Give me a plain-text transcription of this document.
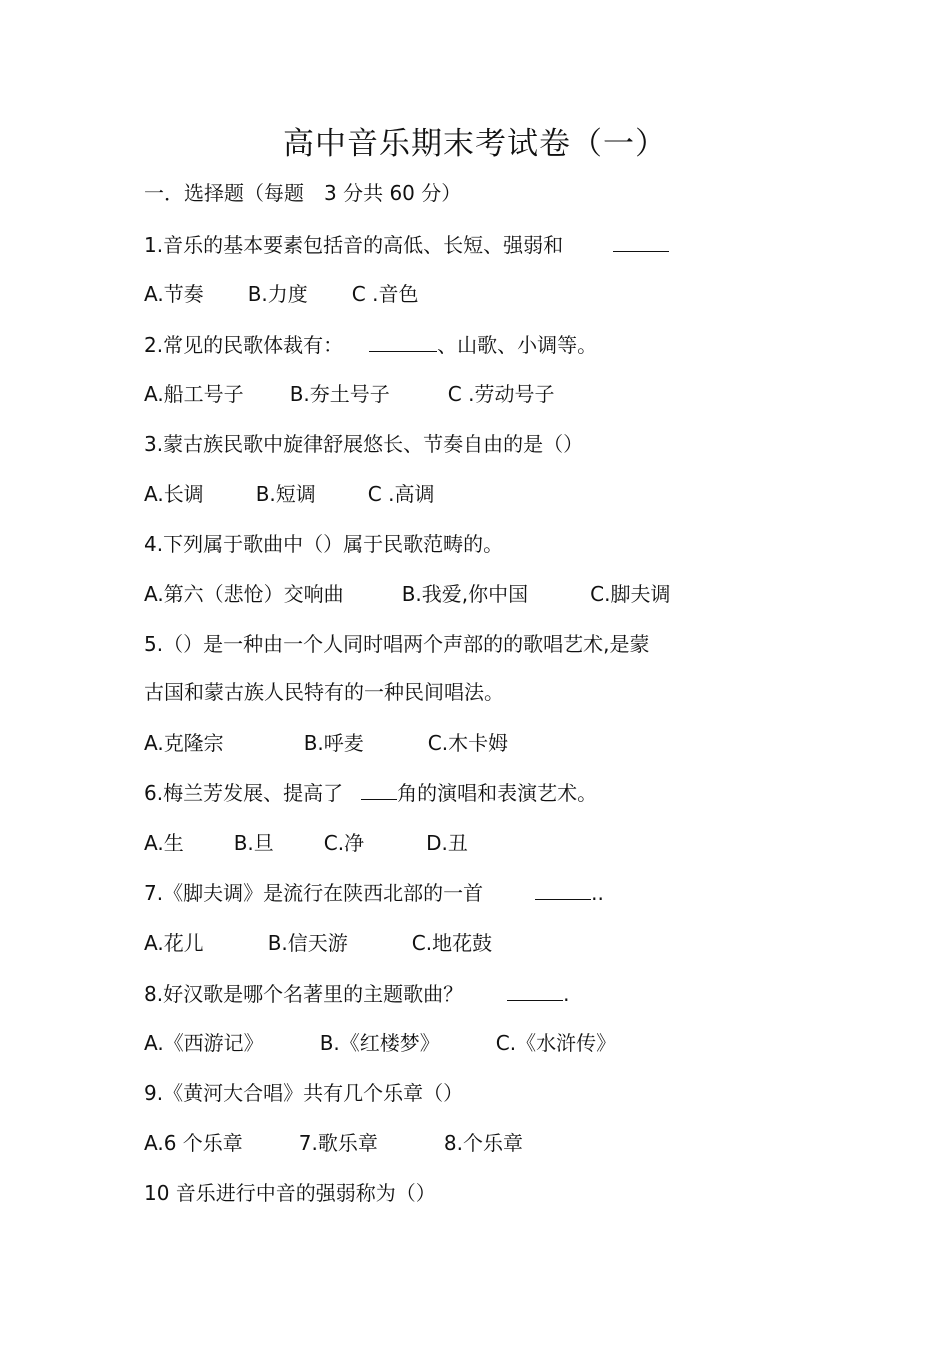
高中音乐期末考试卷（一）
一．选择题（每题　3 分共 60 分）
1.音乐的基本要素包括音的高低、长短、强弱和
A.节奏 B.力度 C .音色
2.常见的民歌体裁有：	、山歌、小调等。
A.船工号子 B.夯土号子	C .劳动号子
3.蒙古族民歌中旋律舒展悠长、节奏自由的是（）
A.长调	B.短调	C .高调
4.下列属于歌曲中（）属于民歌范畴的。
A.第六（悲怆）交响曲	B.我爱,你中国	C.脚夫调
5.（）是一种由一个人同时唱两个声部的的歌唱艺术,是蒙
古国和蒙古族人民特有的一种民间唱法。
A.克隆宗	B.呼麦	C.木卡姆
6.梅兰芳发展、提高了	角的演唱和表演艺术。
A.生	B.旦	C.净	D.丑
7.《脚夫调》是流行在陕西北部的一首	..
A.花儿	B.信天游	C.地花鼓
8.好汉歌是哪个名著里的主题歌曲？	.
A.《西游记》	B.《红楼梦》	C.《水浒传》
9.《黄河大合唱》共有几个乐章（）
A.6 个乐章	7.歌乐章	8.个乐章
10 音乐进行中音的强弱称为（）
